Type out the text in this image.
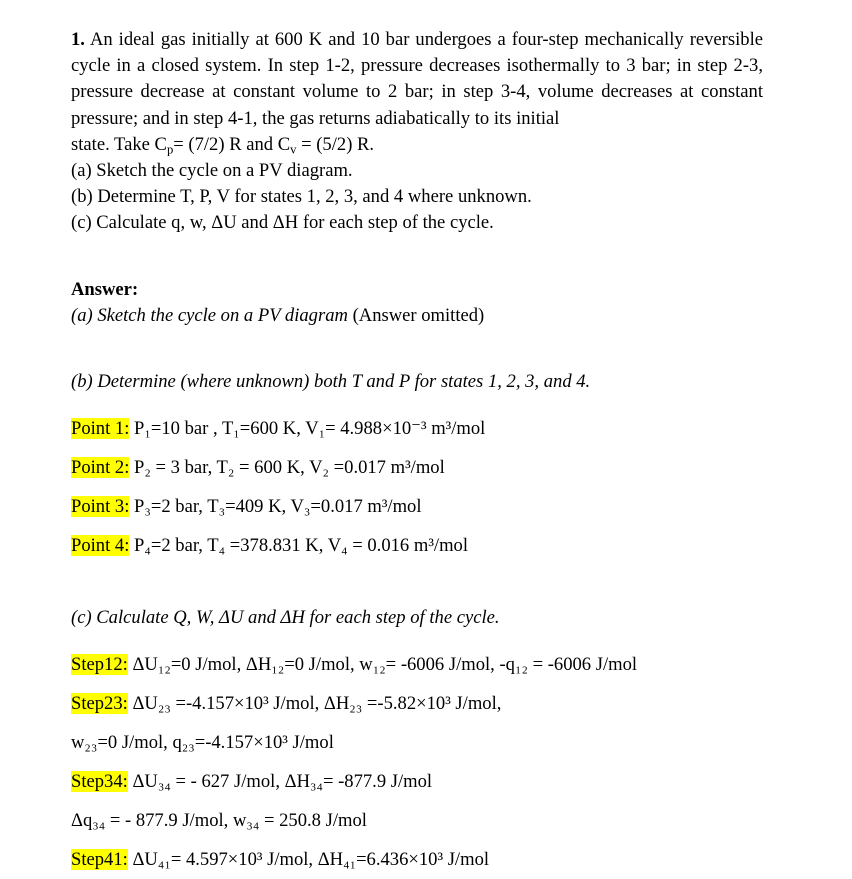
1. An ideal gas initially at 600 K and 10 bar undergoes a four-step mechanically reversible cycle in a closed system. In step 1-2, pressure decreases isothermally to 3 bar; in step 2-3, pressure decrease at constant volume to 2 bar; in step 3-4, volume decreases at constant pressure; and in step 4-1, the gas returns adiabatically to its initial
state. Take $C_p= (7/2)$ R and $C_v = (5/2)$ R.
(a) Sketch the cycle on a PV diagram.
(b) Determine T, P, V for states 1, 2, 3, and 4 where unknown.
(c) Calculate q, w, ΔU and ΔH for each step of the cycle.
Answer:
(a) Sketch the cycle on a PV diagram (Answer omitted)
(b) Determine (where unknown) both T and P for states 1, 2, 3, and 4.
Point 1: P₁=10 bar , T₁=600 K, V₁= 4.988×10⁻³ m³/mol
Point 2: P₂ = 3 bar, T₂ = 600 K, V₂ =0.017 m³/mol
Point 3: P₃=2 bar, T₃=409 K, V₃=0.017 m³/mol
Point 4: P₄=2 bar, T₄ =378.831 K, V₄ = 0.016 m³/mol
(c) Calculate Q, W, ΔU and ΔH for each step of the cycle.
Step12: ΔU₁₂=0 J/mol, ΔH₁₂=0 J/mol, w₁₂= -6006 J/mol, -q₁₂ = -6006 J/mol
Step23: ΔU₂₃ =-4.157×10³ J/mol, ΔH₂₃ =-5.82×10³ J/mol,
w₂₃=0 J/mol, q₂₃=-4.157×10³ J/mol
Step34: ΔU₃₄ = - 627 J/mol, ΔH₃₄= -877.9 J/mol
Δq₃₄ = - 877.9 J/mol, w₃₄ = 250.8 J/mol
Step41: ΔU₄₁= 4.597×10³ J/mol, ΔH₄₁=6.436×10³ J/mol
